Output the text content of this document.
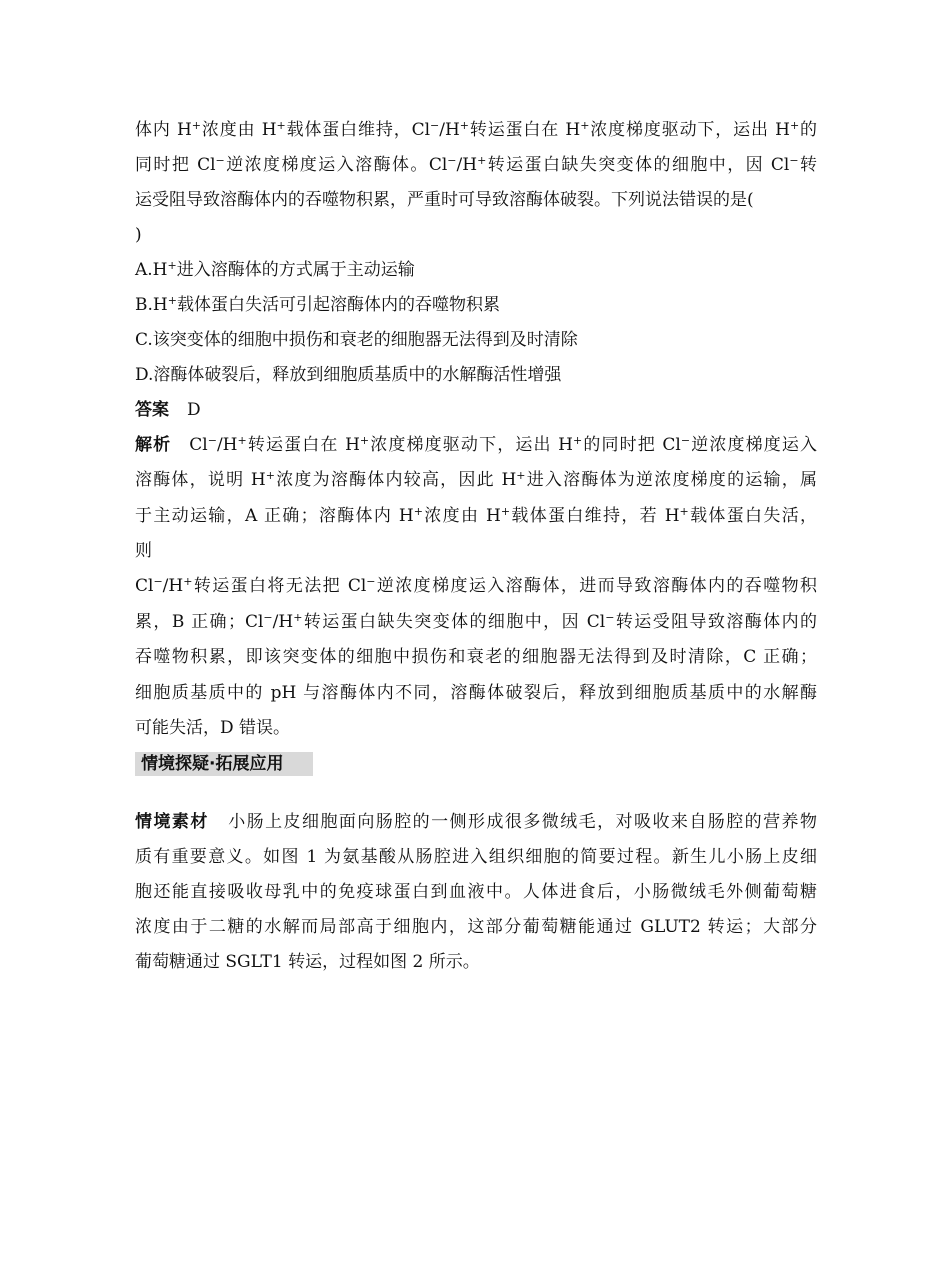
体内 H+浓度由 H+载体蛋白维持，Cl−/H+转运蛋白在 H+浓度梯度驱动下，运出 H+的
同时把 Cl−逆浓度梯度运入溶酶体。Cl−/H+转运蛋白缺失突变体的细胞中，因 Cl−转
运受阻导致溶酶体内的吞噬物积累，严重时可导致溶酶体破裂。下列说法错误的是(
)
A.H+进入溶酶体的方式属于主动运输
B.H+载体蛋白失活可引起溶酶体内的吞噬物积累
C.该突变体的细胞中损伤和衰老的细胞器无法得到及时清除
D.溶酶体破裂后，释放到细胞质基质中的水解酶活性增强
答案 D
解析 Cl−/H+转运蛋白在 H+浓度梯度驱动下，运出 H+的同时把 Cl−逆浓度梯度运入
溶酶体，说明 H+浓度为溶酶体内较高，因此 H+进入溶酶体为逆浓度梯度的运输，属
于主动运输，A 正确；溶酶体内 H+浓度由 H+载体蛋白维持，若 H+载体蛋白失活，
则
Cl−/H+转运蛋白将无法把 Cl−逆浓度梯度运入溶酶体，进而导致溶酶体内的吞噬物积
累，B 正确；Cl−/H+转运蛋白缺失突变体的细胞中，因 Cl−转运受阻导致溶酶体内的
吞噬物积累，即该突变体的细胞中损伤和衰老的细胞器无法得到及时清除，C 正确；
细胞质基质中的 pH 与溶酶体内不同，溶酶体破裂后，释放到细胞质基质中的水解酶
可能失活，D 错误。
情境探疑·拓展应用
情境素材 小肠上皮细胞面向肠腔的一侧形成很多微绒毛，对吸收来自肠腔的营养物
质有重要意义。如图 1 为氨基酸从肠腔进入组织细胞的简要过程。新生儿小肠上皮细
胞还能直接吸收母乳中的免疫球蛋白到血液中。人体进食后，小肠微绒毛外侧葡萄糖
浓度由于二糖的水解而局部高于细胞内，这部分葡萄糖能通过 GLUT2 转运；大部分
葡萄糖通过 SGLT1 转运，过程如图 2 所示。
